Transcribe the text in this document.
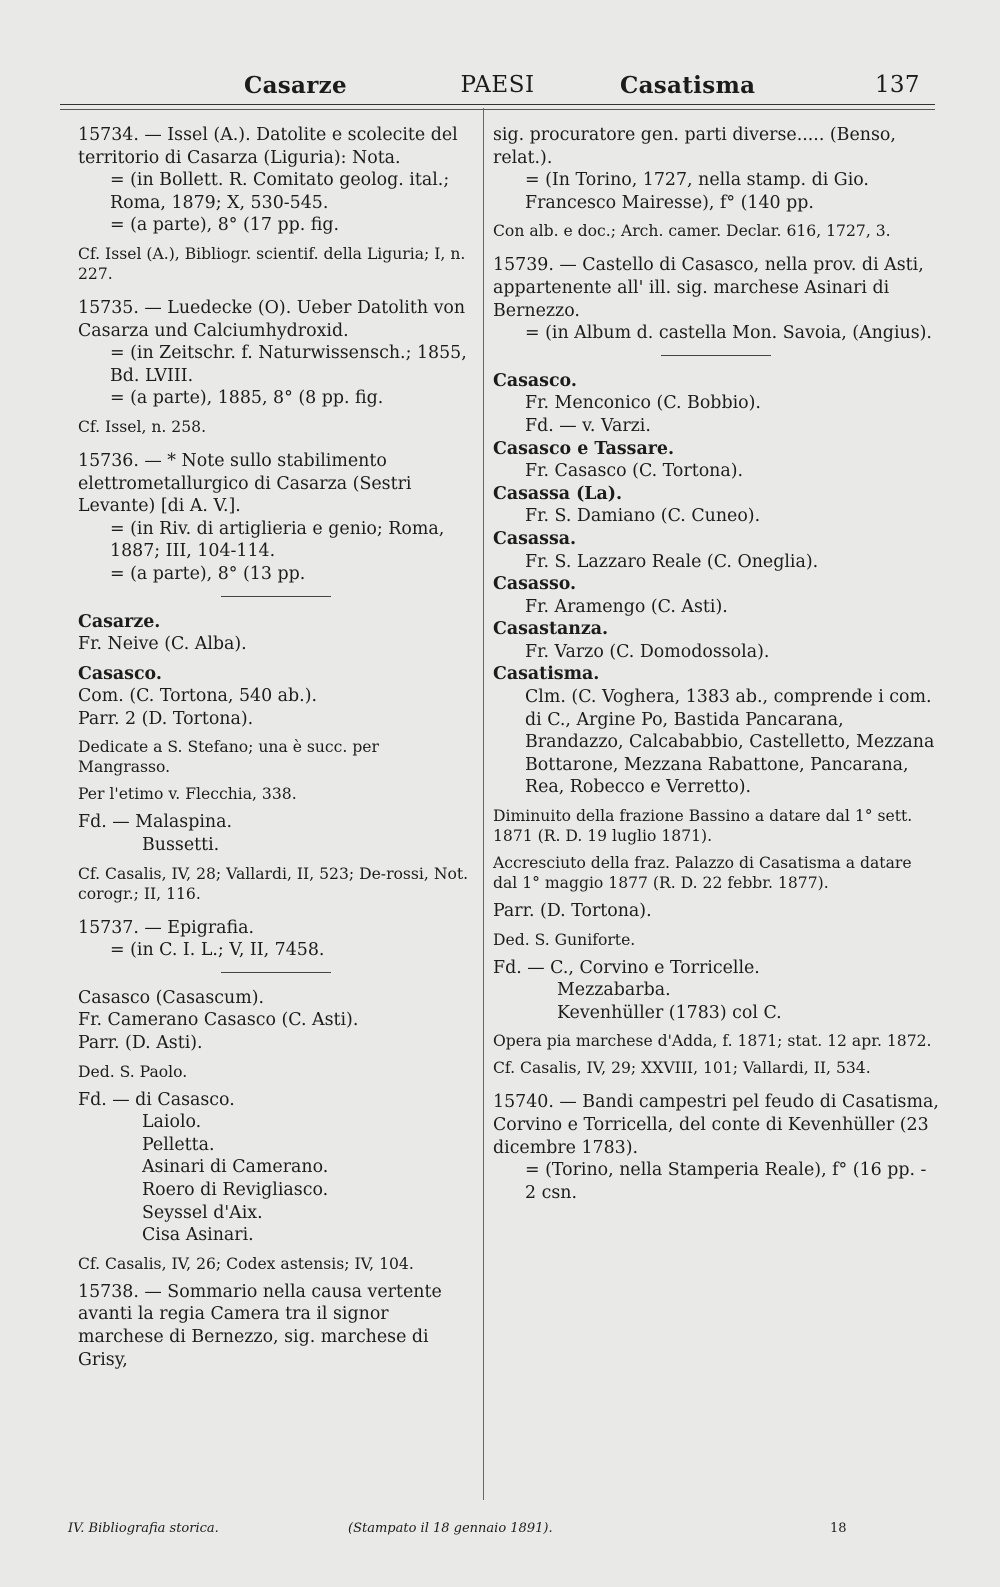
Casarze	PAESI	Casatisma	137

15734. — Issel (A.). Datolite e scolecite del territorio di Casarza (Liguria): Nota.

= (in Bollett. R. Comitato geolog. ital.; Roma, 1879; X, 530-545.

= (a parte), 8° (17 pp. fig.

Cf. Issel (A.), Bibliogr. scientif. della Liguria; I, n. 227.

15735. — Luedecke (O). Ueber Datolith von Casarza und Calciumhydroxid.

= (in Zeitschr. f. Naturwissensch.; 1855, Bd. LVIII.

= (a parte), 1885, 8° (8 pp. fig.

Cf. Issel, n. 258.

15736. — * Note sullo stabilimento elettrometallurgico di Casarza (Sestri Levante) [di A. V.].

= (in Riv. di artiglieria e genio; Roma, 1887; III, 104-114.

= (a parte), 8° (13 pp.

Casarze.

Fr. Neive (C. Alba).

Casasco.

Com. (C. Tortona, 540 ab.).

Parr. 2 (D. Tortona).

Dedicate a S. Stefano; una è succ. per Mangrasso.

Per l'etimo v. Flecchia, 338.

Fd. — Malaspina.

Bussetti.

Cf. Casalis, IV, 28; Vallardi, II, 523; De-rossi, Not. corogr.; II, 116.

15737. — Epigrafia.

= (in C. I. L.; V, II, 7458.

Casasco (Casascum).

Fr. Camerano Casasco (C. Asti).

Parr. (D. Asti).

Ded. S. Paolo.

Fd. — di Casasco.

Laiolo.

Pelletta.

Asinari di Camerano.

Roero di Revigliasco.

Seyssel d'Aix.

Cisa Asinari.

Cf. Casalis, IV, 26; Codex astensis; IV, 104.

15738. — Sommario nella causa vertente avanti la regia Camera tra il signor marchese di Bernezzo, sig. marchese di Grisy,

sig. procuratore gen. parti diverse..... (Benso, relat.).

= (In Torino, 1727, nella stamp. di Gio. Francesco Mairesse), f° (140 pp.

Con alb. e doc.; Arch. camer. Declar. 616, 1727, 3.

15739. — Castello di Casasco, nella prov. di Asti, appartenente all' ill. sig. marchese Asinari di Bernezzo.

= (in Album d. castella Mon. Savoia, (Angius).

Casasco.

Fr. Menconico (C. Bobbio).

Fd. — v. Varzi.

Casasco e Tassare.

Fr. Casasco (C. Tortona).

Casassa (La).

Fr. S. Damiano (C. Cuneo).

Casassa.

Fr. S. Lazzaro Reale (C. Oneglia).

Casasso.

Fr. Aramengo (C. Asti).

Casastanza.

Fr. Varzo (C. Domodossola).

Casatisma.

Clm. (C. Voghera, 1383 ab., comprende i com. di C., Argine Po, Bastida Pancarana, Brandazzo, Calcababbio, Castelletto, Mezzana Bottarone, Mezzana Rabattone, Pancarana, Rea, Robecco e Verretto).

Diminuito della frazione Bassino a datare dal 1° sett. 1871 (R. D. 19 luglio 1871).

Accresciuto della fraz. Palazzo di Casatisma a datare dal 1° maggio 1877 (R. D. 22 febbr. 1877).

Parr. (D. Tortona).

Ded. S. Guniforte.

Fd. — C., Corvino e Torricelle.

Mezzabarba.

Kevenhüller (1783) col C.

Opera pia marchese d'Adda, f. 1871; stat. 12 apr. 1872.

Cf. Casalis, IV, 29; XXVIII, 101; Vallardi, II, 534.

15740. — Bandi campestri pel feudo di Casatisma, Corvino e Torricella, del conte di Kevenhüller (23 dicembre 1783).

= (Torino, nella Stamperia Reale), f° (16 pp. - 2 csn.

IV. Bibliografia storica.	(Stampato il 18 gennaio 1891).	18
